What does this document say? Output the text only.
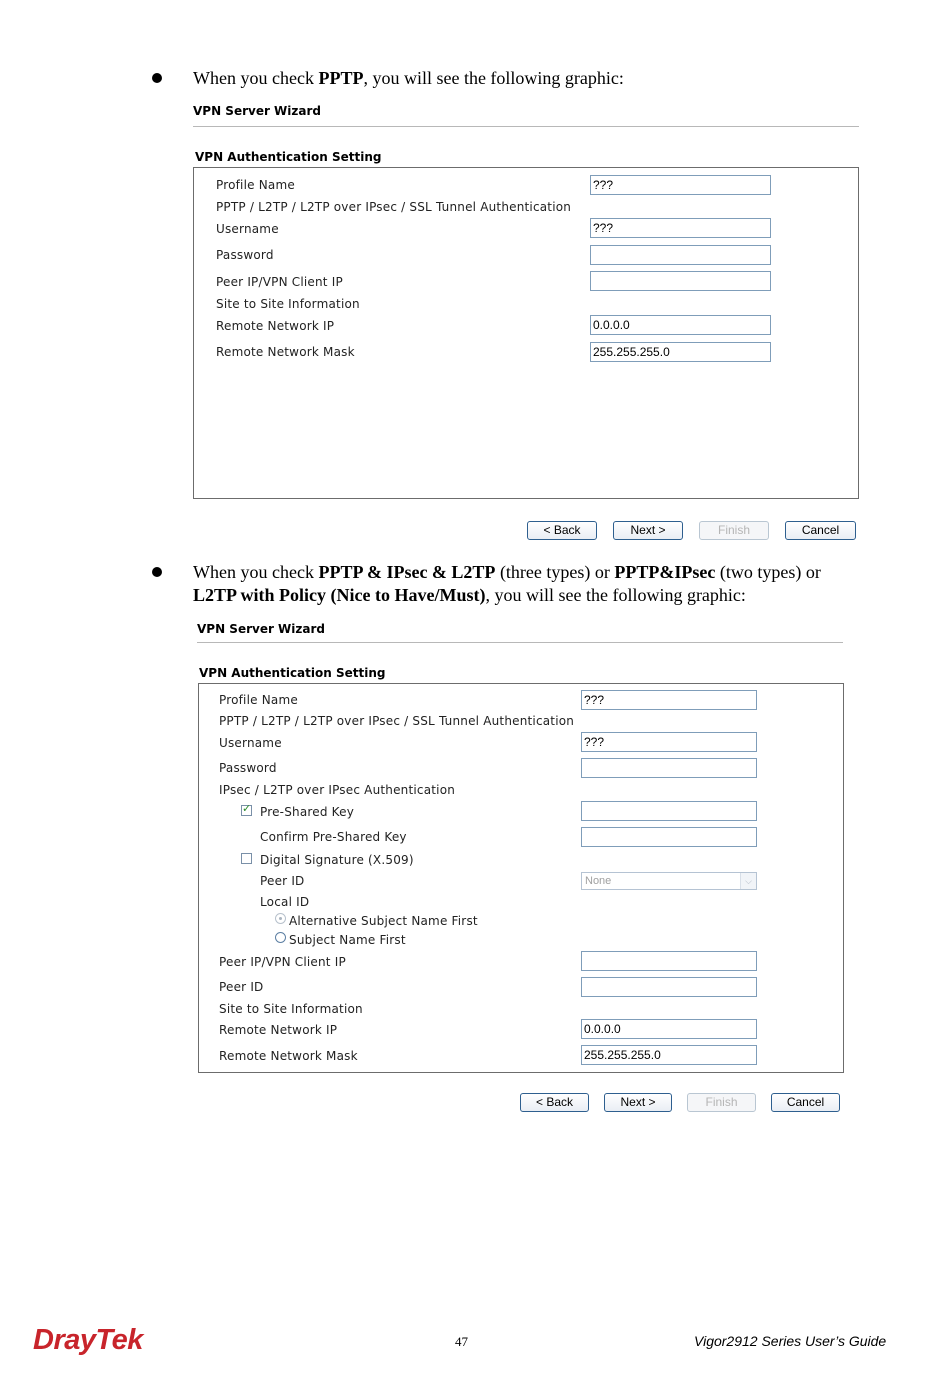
When you check PPTP, you will see the following graphic:
VPN Server Wizard
VPN Authentication Setting
Profile Name	???
PPTP / L2TP / L2TP over IPsec / SSL Tunnel Authentication
Username	???
Password
Peer IP/VPN Client IP
Site to Site Information
Remote Network IP	0.0.0.0
Remote Network Mask	255.255.255.0
< Back	Next >	Finish	Cancel
When you check PPTP & IPsec & L2TP (three types) or PPTP&IPsec (two types) or
L2TP with Policy (Nice to Have/Must), you will see the following graphic:
VPN Server Wizard
VPN Authentication Setting
Profile Name	???
PPTP / L2TP / L2TP over IPsec / SSL Tunnel Authentication
Username	???
Password
IPsec / L2TP over IPsec Authentication
✓
Pre-Shared Key
Confirm Pre-Shared Key
Digital Signature (X.509)
Peer ID	None	⌵
Local ID
Alternative Subject Name First
Subject Name First
Peer IP/VPN Client IP
Peer ID
Site to Site Information
Remote Network IP	0.0.0.0
Remote Network Mask	255.255.255.0
< Back	Next >	Finish	Cancel
DrayTek	47	Vigor2912 Series User’s Guide
